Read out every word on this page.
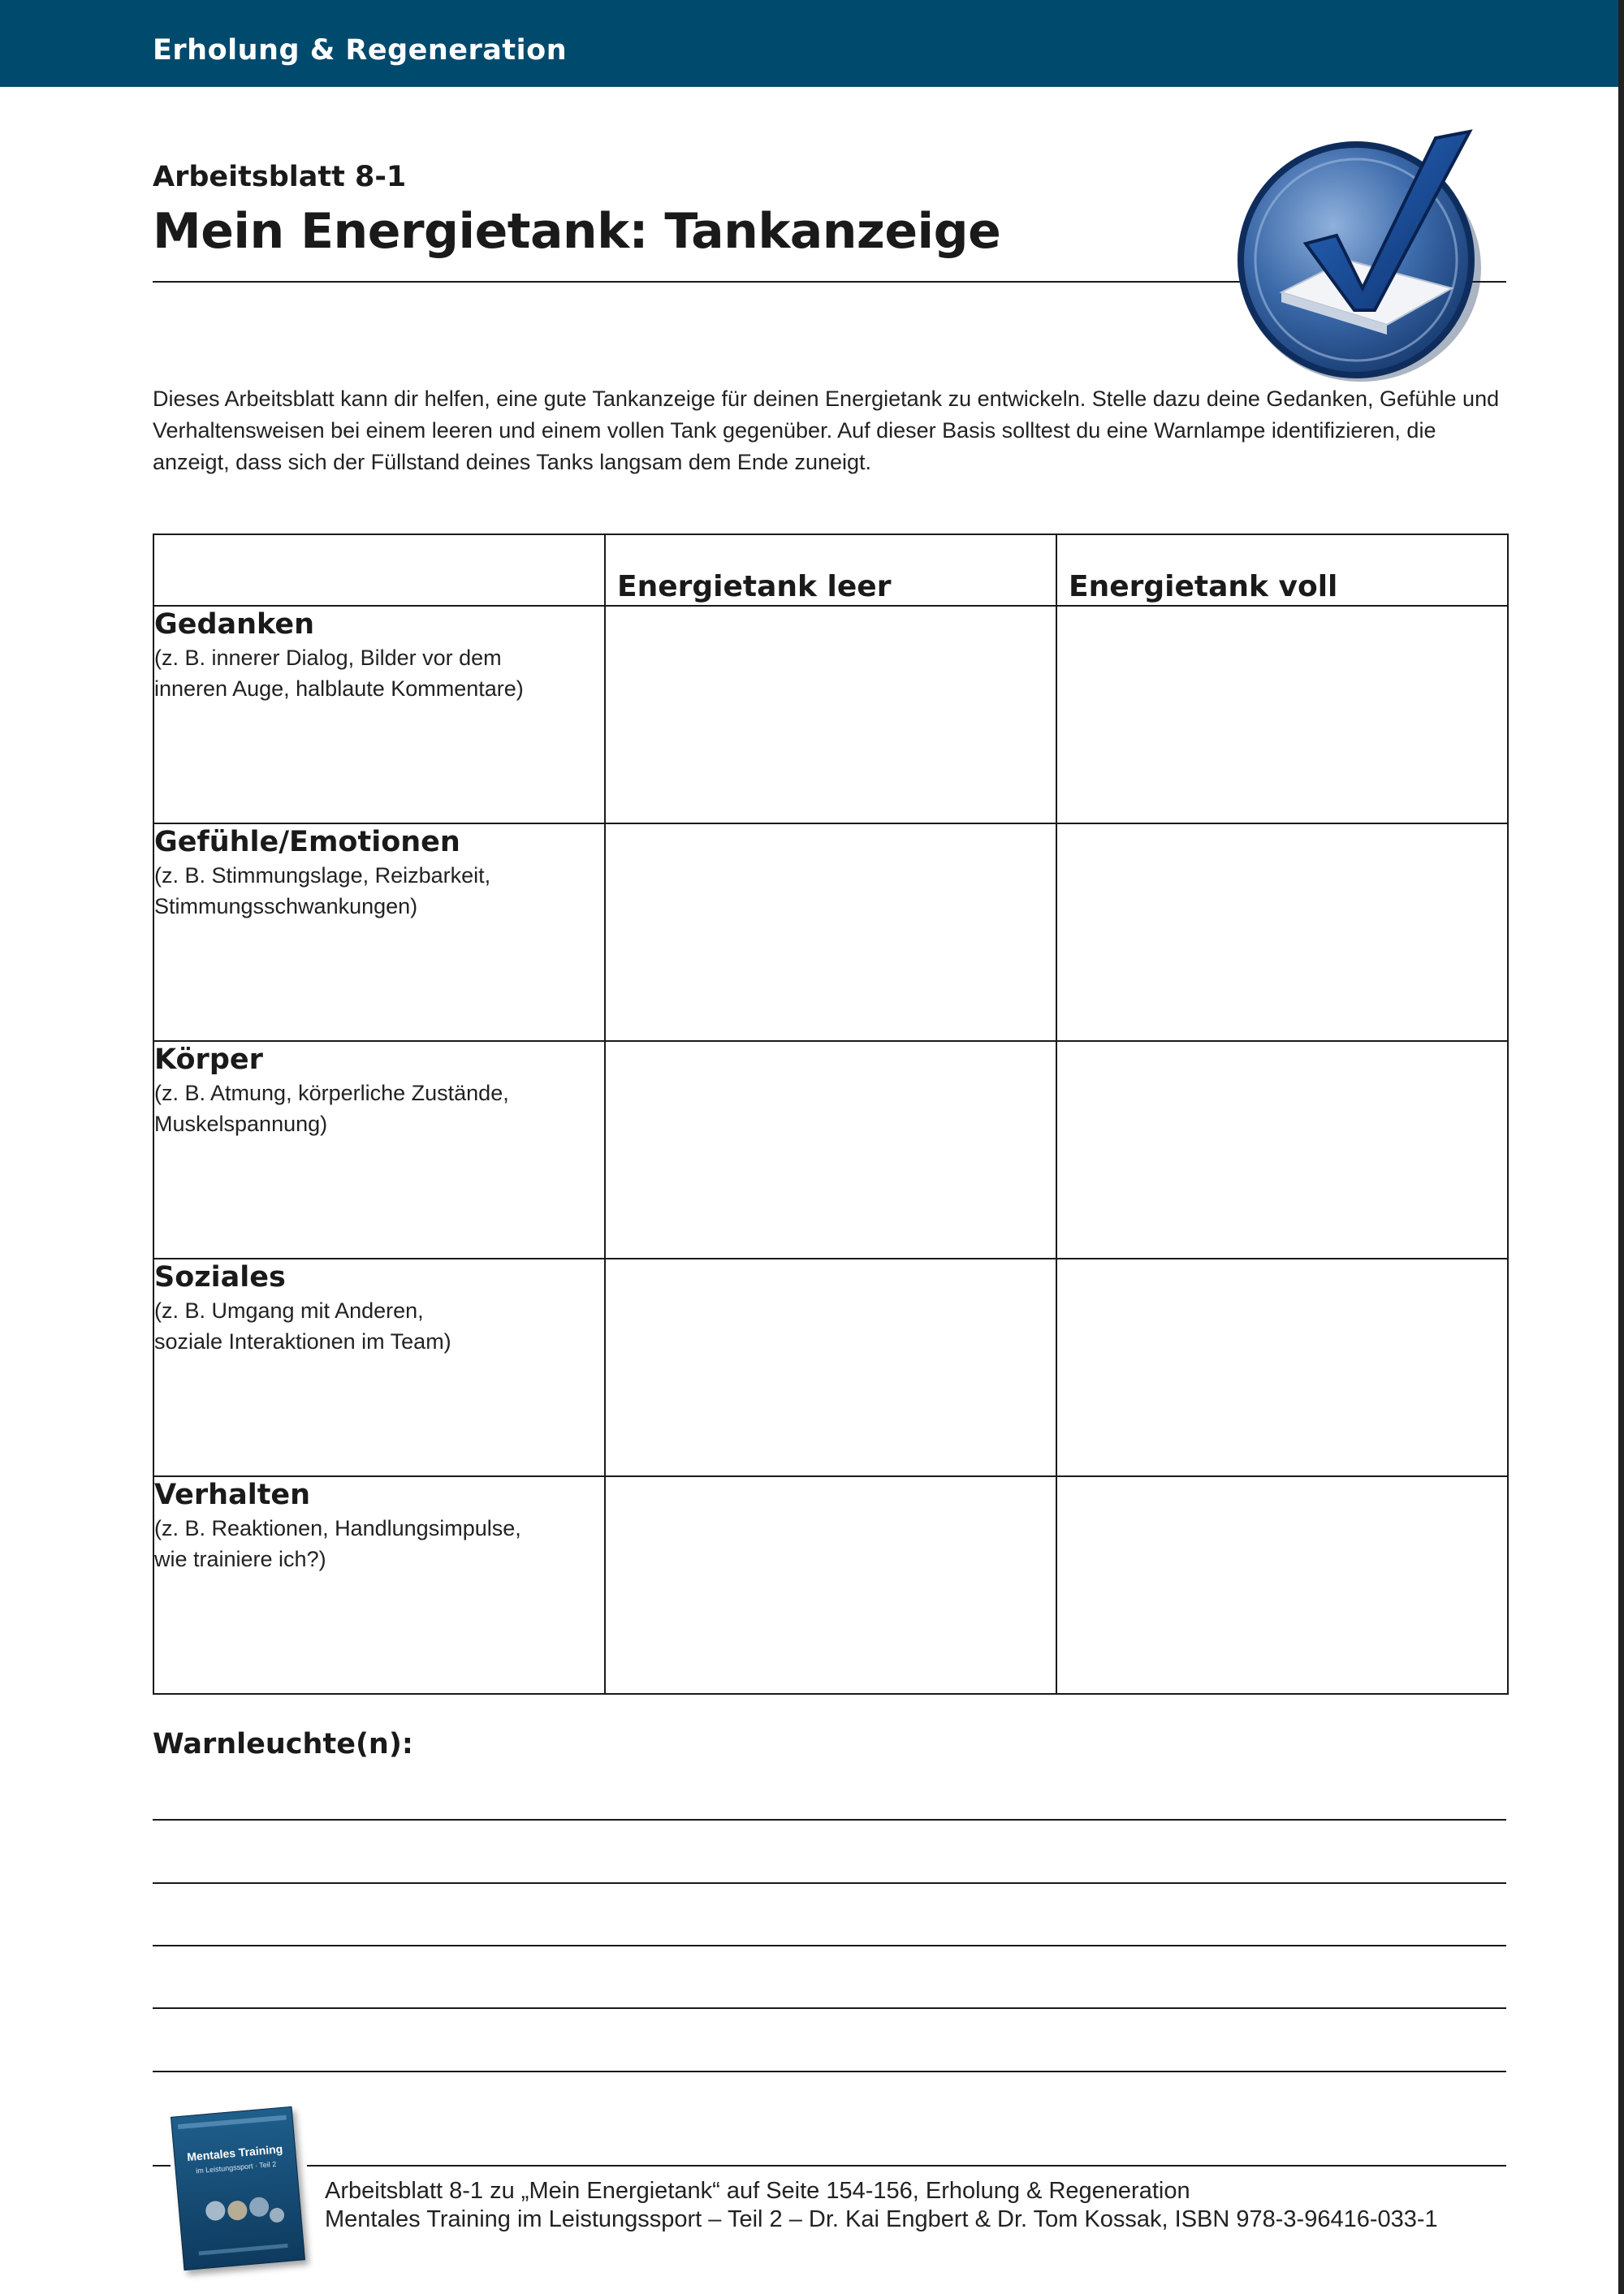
Erholung & Regeneration
Arbeitsblatt 8-1
Mein Energietank: Tankanzeige
Dieses Arbeitsblatt kann dir helfen, eine gute Tankanzeige für deinen Energietank zu entwickeln. Stelle dazu deine Gedanken, Gefühle und Verhaltensweisen bei einem leeren und einem vollen Tank gegenüber. Auf dieser Basis solltest du eine Warnlampe identifizieren, die anzeigt, dass sich der Füllstand deines Tanks langsam dem Ende zuneigt.
	Energietank leer	Energietank voll

Gedanken
(z. B. innerer Dialog, Bilder vor dem
inneren Auge, halblaute Kommentare)		

Gefühle/Emotionen
(z. B. Stimmungslage, Reizbarkeit,
Stimmungsschwankungen)		

Körper
(z. B. Atmung, körperliche Zustände,
Muskelspannung)		

Soziales
(z. B. Umgang mit Anderen,
soziale Interaktionen im Team)		

Verhalten
(z. B. Reaktionen, Handlungsimpulse,
wie trainiere ich?)		

Warnleuchte(n):
Mentales Training
im Leistungssport · Teil 2
Arbeitsblatt 8-1 zu „Mein Energietank“ auf Seite 154-156, Erholung & Regeneration
Mentales Training im Leistungssport – Teil 2 – Dr. Kai Engbert & Dr. Tom Kossak, ISBN 978-3-96416-033-1
